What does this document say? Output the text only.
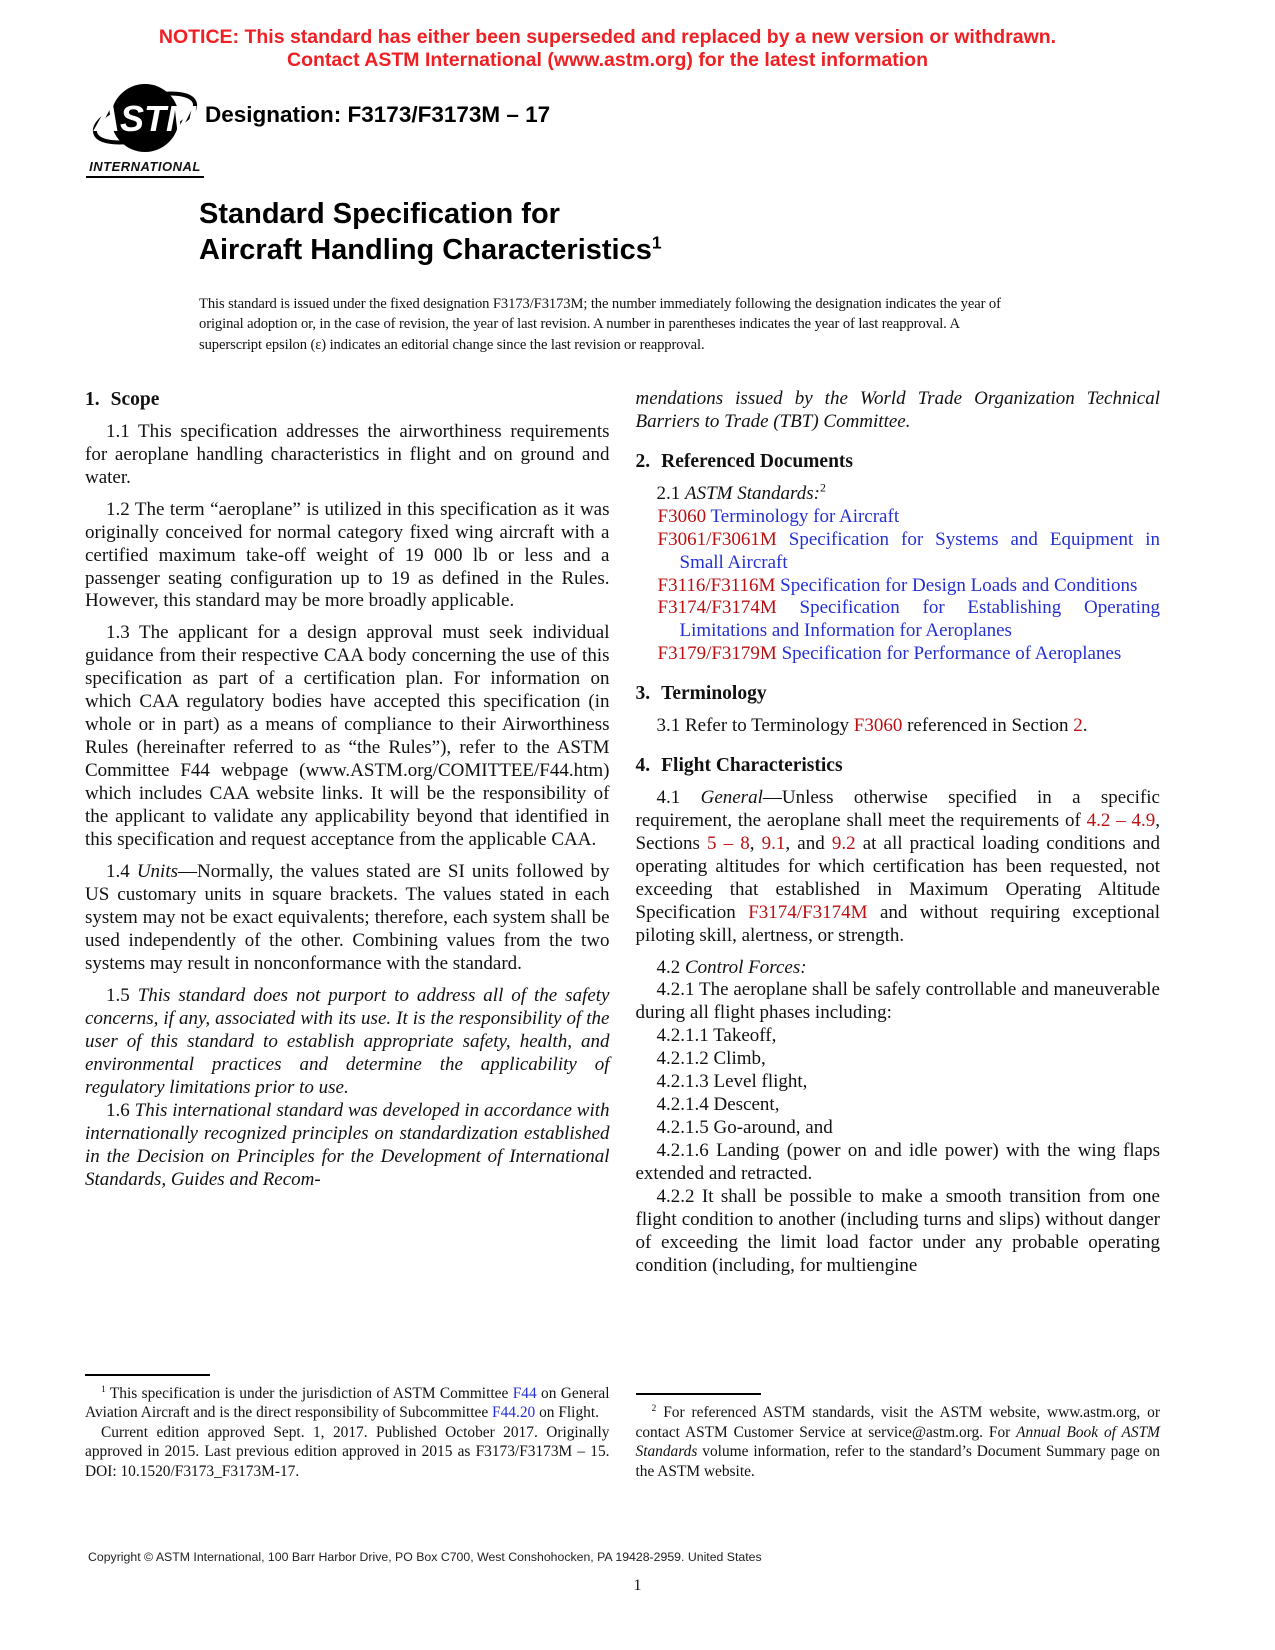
NOTICE: This standard has either been superseded and replaced by a new version or withdrawn.
Contact ASTM International (www.astm.org) for the latest information
ASTM
INTERNATIONAL
Designation: F3173/F3173M – 17
Standard Specification for
Aircraft Handling Characteristics$^1$

This standard is issued under the fixed designation F3173/F3173M; the number immediately following the designation indicates the year of original adoption or, in the case of revision, the year of last revision. A number in parentheses indicates the year of last reapproval. A superscript epsilon (ε) indicates an editorial change since the last revision or reapproval.

1. Scope

1.1 This specification addresses the airworthiness requirements for aeroplane handling characteristics in flight and on ground and water.

1.2 The term “aeroplane” is utilized in this specification as it was originally conceived for normal category fixed wing aircraft with a certified maximum take-off weight of 19 000 lb or less and a passenger seating configuration up to 19 as defined in the Rules. However, this standard may be more broadly applicable.

1.3 The applicant for a design approval must seek individual guidance from their respective CAA body concerning the use of this specification as part of a certification plan. For information on which CAA regulatory bodies have accepted this specification (in whole or in part) as a means of compliance to their Airworthiness Rules (hereinafter referred to as “the Rules”), refer to the ASTM Committee F44 webpage (www.ASTM.org/COMITTEE/F44.htm) which includes CAA website links. It will be the responsibility of the applicant to validate any applicability beyond that identified in this specification and request acceptance from the applicable CAA.

1.4 Units—Normally, the values stated are SI units followed by US customary units in square brackets. The values stated in each system may not be exact equivalents; therefore, each system shall be used independently of the other. Combining values from the two systems may result in nonconformance with the standard.

1.5 This standard does not purport to address all of the safety concerns, if any, associated with its use. It is the responsibility of the user of this standard to establish appropriate safety, health, and environmental practices and determine the applicability of regulatory limitations prior to use.

1.6 This international standard was developed in accordance with internationally recognized principles on standardization established in the Decision on Principles for the Development of International Standards, Guides and Recom-

$^1$ This specification is under the jurisdiction of ASTM Committee F44 on General Aviation Aircraft and is the direct responsibility of Subcommittee F44.20 on Flight.

Current edition approved Sept. 1, 2017. Published October 2017. Originally approved in 2015. Last previous edition approved in 2015 as F3173/F3173M – 15. DOI: 10.1520/F3173_F3173M-17.

mendations issued by the World Trade Organization Technical Barriers to Trade (TBT) Committee.

2. Referenced Documents

2.1 ASTM Standards:$^2$

F3060 Terminology for Aircraft

F3061/F3061M Specification for Systems and Equipment in Small Aircraft

F3116/F3116M Specification for Design Loads and Conditions

F3174/F3174M Specification for Establishing Operating Limitations and Information for Aeroplanes

F3179/F3179M Specification for Performance of Aeroplanes

3. Terminology

3.1 Refer to Terminology F3060 referenced in Section 2.

4. Flight Characteristics

4.1 General—Unless otherwise specified in a specific requirement, the aeroplane shall meet the requirements of 4.2 – 4.9, Sections 5 – 8, 9.1, and 9.2 at all practical loading conditions and operating altitudes for which certification has been requested, not exceeding that established in Maximum Operating Altitude Specification F3174/F3174M and without requiring exceptional piloting skill, alertness, or strength.

4.2 Control Forces:

4.2.1 The aeroplane shall be safely controllable and maneuverable during all flight phases including:

4.2.1.1 Takeoff,

4.2.1.2 Climb,

4.2.1.3 Level flight,

4.2.1.4 Descent,

4.2.1.5 Go-around, and

4.2.1.6 Landing (power on and idle power) with the wing flaps extended and retracted.

4.2.2 It shall be possible to make a smooth transition from one flight condition to another (including turns and slips) without danger of exceeding the limit load factor under any probable operating condition (including, for multiengine

$^2$ For referenced ASTM standards, visit the ASTM website, www.astm.org, or contact ASTM Customer Service at service@astm.org. For Annual Book of ASTM Standards volume information, refer to the standard’s Document Summary page on the ASTM website.

Copyright © ASTM International, 100 Barr Harbor Drive, PO Box C700, West Conshohocken, PA 19428-2959. United States
1
